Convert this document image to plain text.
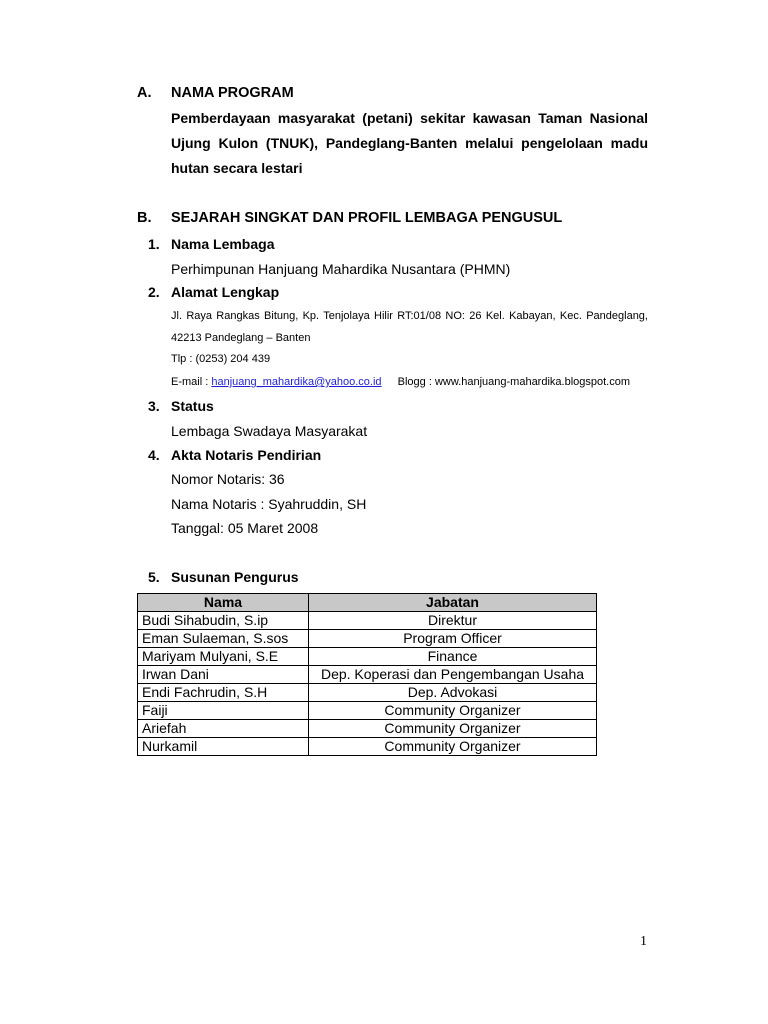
A. NAMA PROGRAM
Pemberdayaan masyarakat (petani) sekitar kawasan Taman Nasional
Ujung Kulon (TNUK), Pandeglang-Banten melalui pengelolaan madu
hutan secara lestari
B. SEJARAH SINGKAT DAN PROFIL LEMBAGA PENGUSUL
1. Nama Lembaga
Perhimpunan Hanjuang Mahardika Nusantara (PHMN)
2. Alamat Lengkap
Jl. Raya Rangkas Bitung, Kp. Tenjolaya Hilir RT:01/08 NO: 26 Kel. Kabayan, Kec. Pandeglang,
42213 Pandeglang – Banten
Tlp : (0253) 204 439
E-mail : hanjuang_mahardika@yahoo.co.id Blogg : www.hanjuang-mahardika.blogspot.com
3. Status
Lembaga Swadaya Masyarakat
4. Akta Notaris Pendirian
Nomor Notaris: 36
Nama Notaris : Syahruddin, SH
Tanggal: 05 Maret 2008
5. Susunan Pengurus
Nama	Jabatan
Budi Sihabudin, S.ip	Direktur
Eman Sulaeman, S.sos	Program Officer
Mariyam Mulyani, S.E	Finance
Irwan Dani	Dep. Koperasi dan Pengembangan Usaha
Endi Fachrudin, S.H	Dep. Advokasi
Faiji	Community Organizer
Ariefah	Community Organizer
Nurkamil	Community Organizer
1
